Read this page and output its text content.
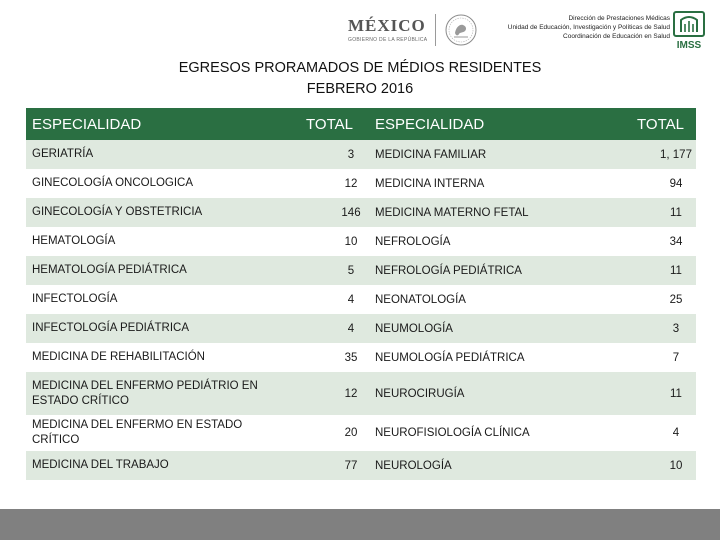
MÉXICO
GOBIERNO DE LA REPÚBLICA
Dirección de Prestaciones Médicas
Unidad de Educación, Investigación y Políticas de Salud
Coordinación de Educación en Salud
IMSS
EGRESOS PRORAMADOS DE MÉDIOS RESIDENTES
FEBRERO 2016
ESPECIALIDAD	TOTAL	ESPECIALIDAD	TOTAL
GERIATRÍA	3	MEDICINA FAMILIAR	1, 177
GINECOLOGÍA ONCOLOGICA	12	MEDICINA INTERNA	94
GINECOLOGÍA Y OBSTETRICIA	146	MEDICINA MATERNO FETAL	11
HEMATOLOGÍA	10	NEFROLOGÍA	34
HEMATOLOGÍA PEDIÁTRICA	5	NEFROLOGÍA PEDIÁTRICA	11
INFECTOLOGÍA	4	NEONATOLOGÍA	25
INFECTOLOGÍA PEDIÁTRICA	4	NEUMOLOGÍA	3
MEDICINA DE REHABILITACIÓN	35	NEUMOLOGÍA PEDIÁTRICA	7
MEDICINA DEL ENFERMO PEDIÁTRIO EN ESTADO CRÍTICO	12	NEUROCIRUGÍA	11
MEDICINA DEL ENFERMO EN ESTADO CRÍTICO	20	NEUROFISIOLOGÍA CLÍNICA	4
MEDICINA DEL TRABAJO	77	NEUROLOGÍA	10
